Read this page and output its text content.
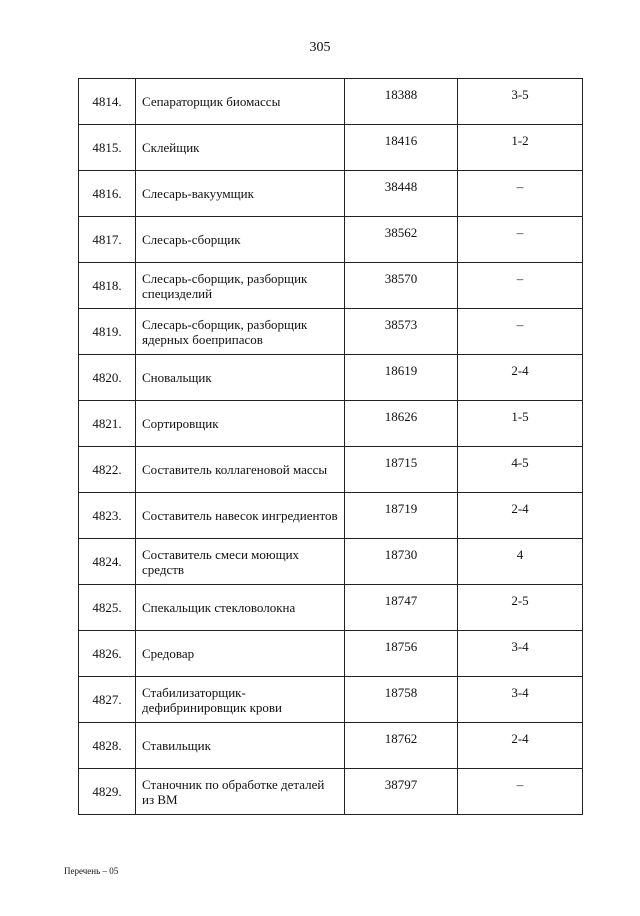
305
4814.	Сепараторщик биомассы	18388	3-5
4815.	Склейщик	18416	1-2
4816.	Слесарь-вакуумщик	38448	–
4817.	Слесарь-сборщик	38562	–
4818.	Слесарь-сборщик, разборщик специзделий	38570	–
4819.	Слесарь-сборщик, разборщик ядерных боеприпасов	38573	–
4820.	Сновальщик	18619	2-4
4821.	Сортировщик	18626	1-5
4822.	Составитель коллагеновой массы	18715	4-5
4823.	Составитель навесок ингредиентов	18719	2-4
4824.	Составитель смеси моющих средств	18730	4
4825.	Спекальщик стекловолокна	18747	2-5
4826.	Средовар	18756	3-4
4827.	Стабилизаторщик-дефибринировщик крови	18758	3-4
4828.	Ставильщик	18762	2-4
4829.	Станочник по обработке деталей из ВМ	38797	–
Перечень – 05
